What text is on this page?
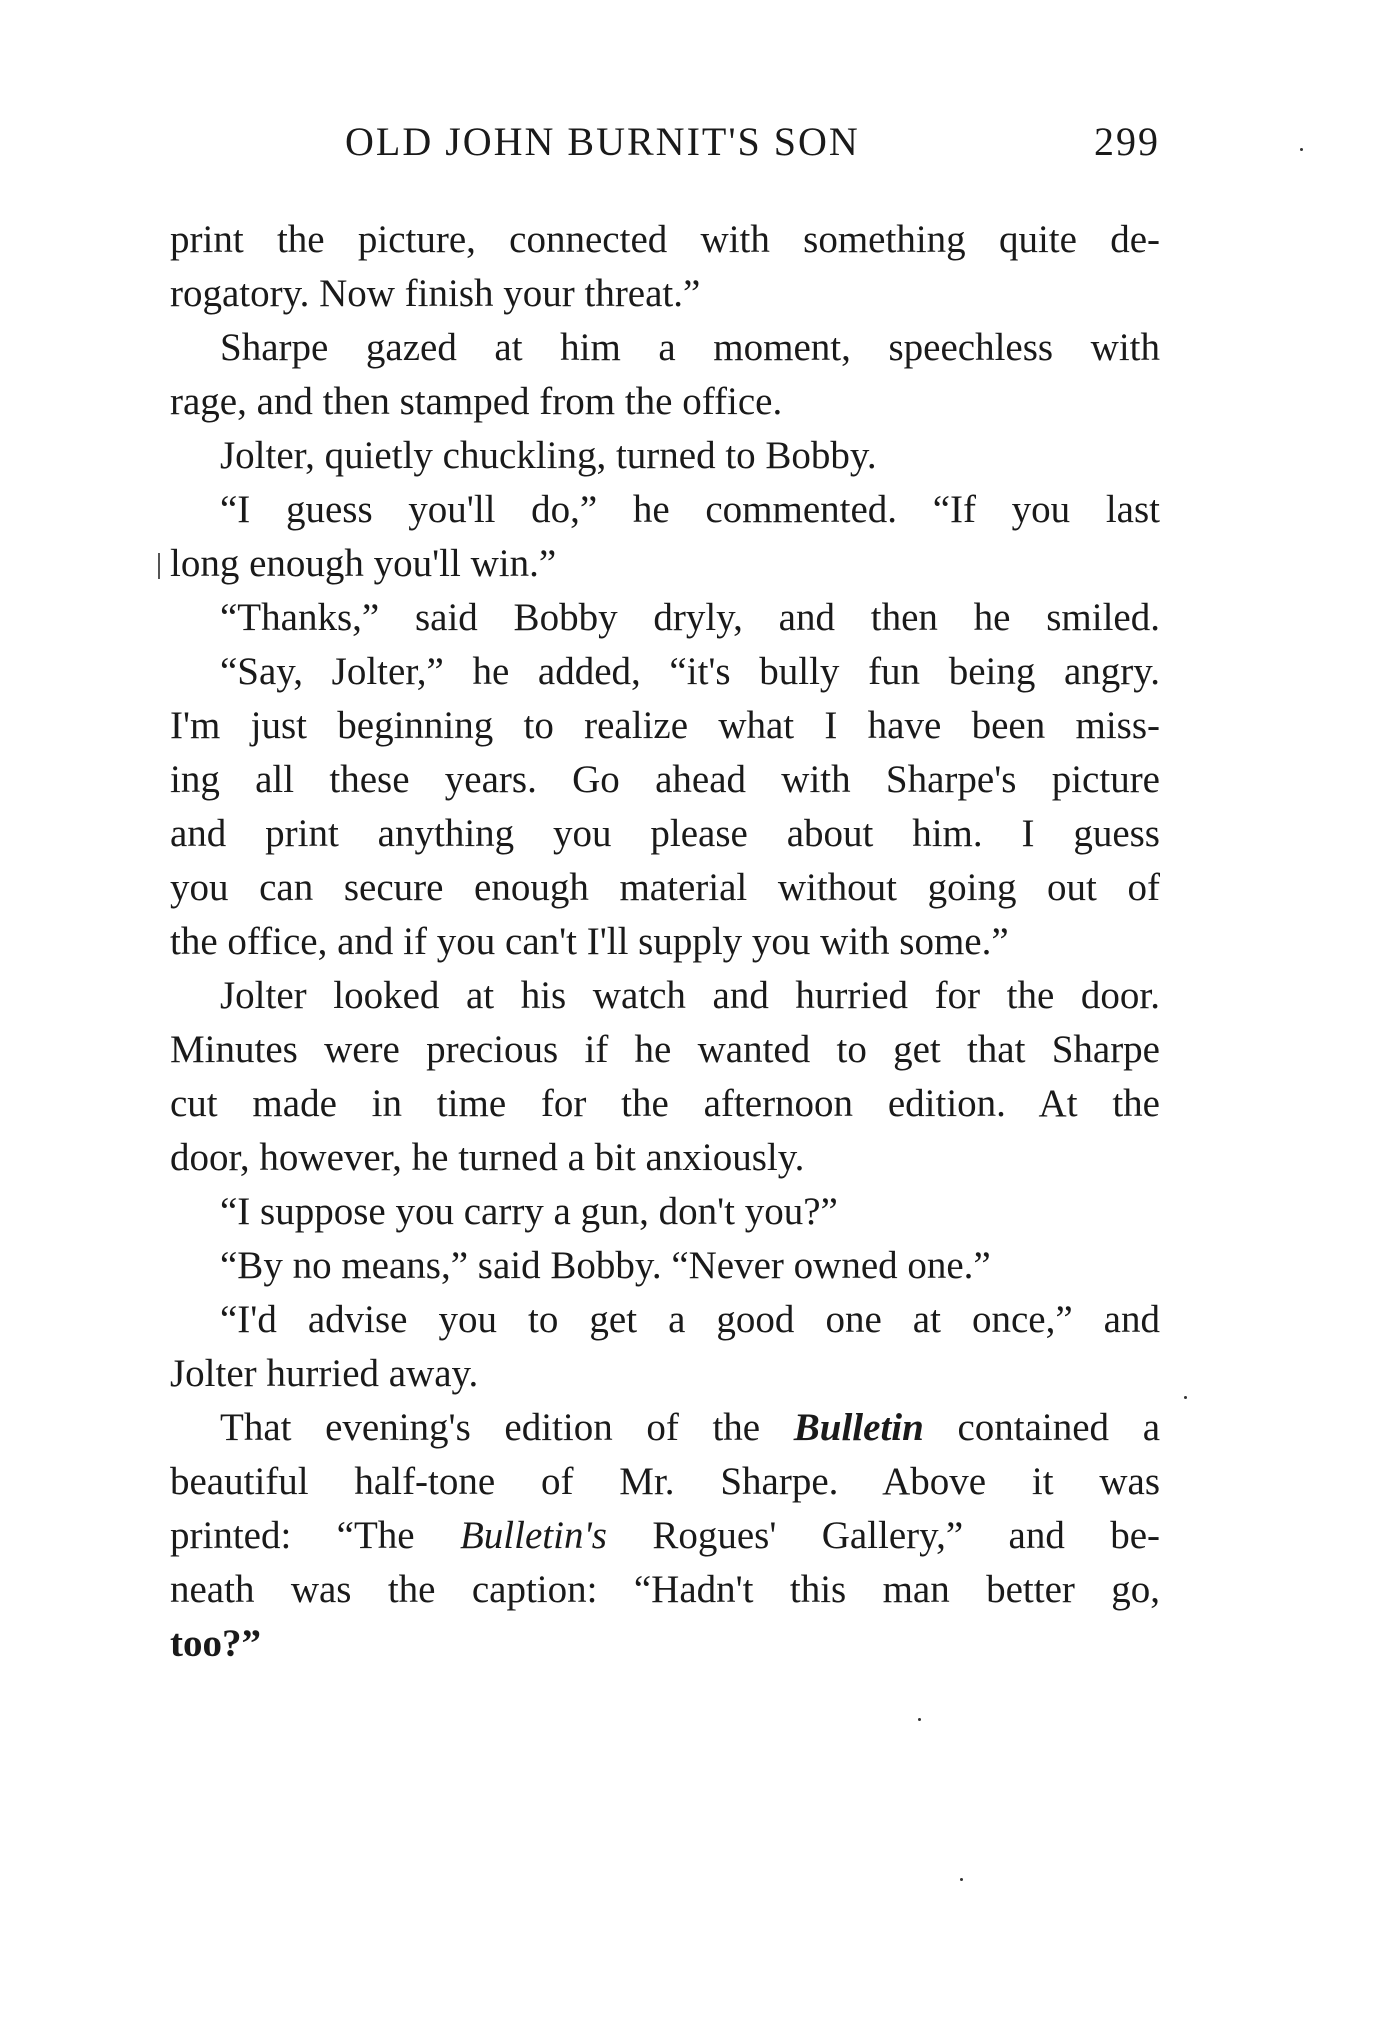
OLD JOHN BURNIT'S SON	299
print the picture, connected with something quite de-
rogatory. Now finish your threat.”
Sharpe gazed at him a moment, speechless with
rage, and then stamped from the office.
Jolter, quietly chuckling, turned to Bobby.
“I guess you'll do,” he commented. “If you last
long enough you'll win.”
“Thanks,” said Bobby dryly, and then he smiled.
“Say, Jolter,” he added, “it's bully fun being angry.
I'm just beginning to realize what I have been miss-
ing all these years. Go ahead with Sharpe's picture
and print anything you please about him. I guess
you can secure enough material without going out of
the office, and if you can't I'll supply you with some.”
Jolter looked at his watch and hurried for the door.
Minutes were precious if he wanted to get that Sharpe
cut made in time for the afternoon edition. At the
door, however, he turned a bit anxiously.
“I suppose you carry a gun, don't you?”
“By no means,” said Bobby. “Never owned one.”
“I'd advise you to get a good one at once,” and
Jolter hurried away.
That evening's edition of the Bulletin contained a
beautiful half-tone of Mr. Sharpe. Above it was
printed: “The Bulletin's Rogues' Gallery,” and be-
neath was the caption: “Hadn't this man better go,
too?”
